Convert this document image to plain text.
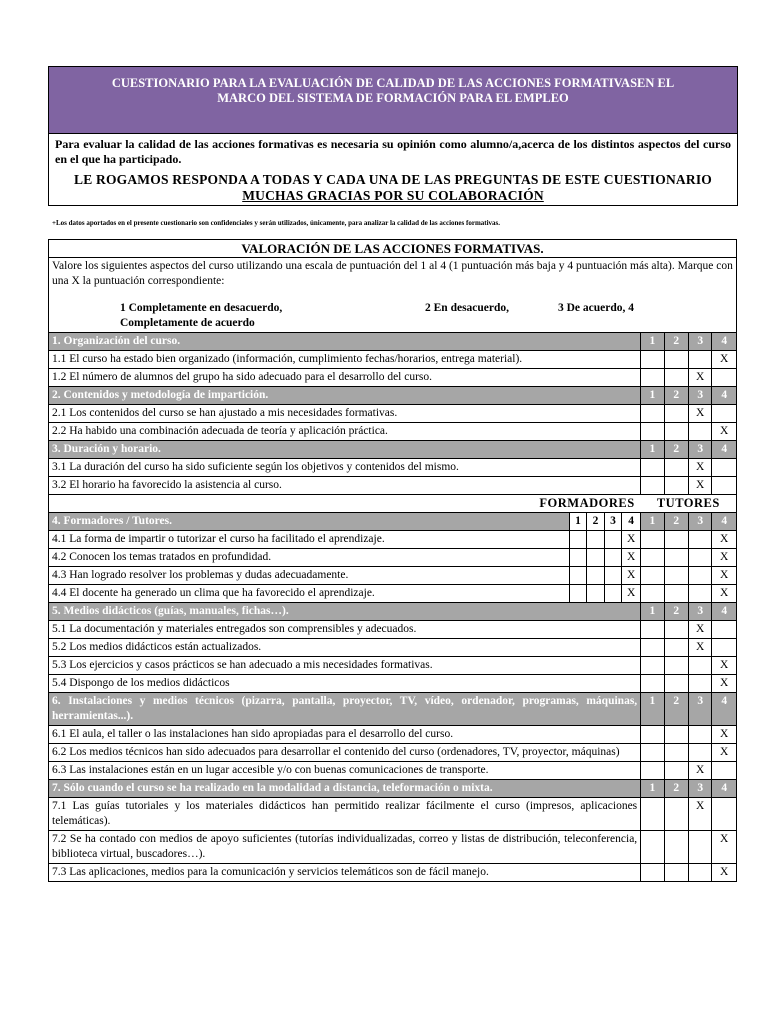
CUESTIONARIO PARA LA EVALUACIÓN DE CALIDAD DE LAS ACCIONES FORMATIVASEN EL
MARCO DEL SISTEMA DE FORMACIÓN PARA EL EMPLEO

Para evaluar la calidad de las acciones formativas es necesaria su opinión como alumno/a,acerca de los distintos aspectos del curso en el que ha participado.

LE ROGAMOS RESPONDA A TODAS Y CADA UNA DE LAS PREGUNTAS DE ESTE CUESTIONARIO

MUCHAS GRACIAS POR SU COLABORACIÓN

+Los datos aportados en el presente cuestionario son confidenciales y serán utilizados, únicamente, para analizar la calidad de las acciones formativas.
VALORACIÓN DE LAS ACCIONES FORMATIVAS.								

Valore los siguientes aspectos del curso utilizando una escala de puntuación del 1 al 4 (1 puntuación más baja y 4 puntuación más alta). Marque con una X la puntuación correspondiente:
1 Completamente en desacuerdo, 2 En desacuerdo, 3 De acuerdo, 4
Completamente de acuerdo								

1. Organización del curso.					1	2	3	4
1.1 El curso ha estado bien organizado (información, cumplimiento fechas/horarios, entrega material).								X
1.2 El número de alumnos del grupo ha sido adecuado para el desarrollo del curso.							X	
2. Contenidos y metodología de impartición.					1	2	3	4
2.1 Los contenidos del curso se han ajustado a mis necesidades formativas.							X	
2.2 Ha habido una combinación adecuada de teoría y aplicación práctica.								X
3. Duración y horario.					1	2	3	4
3.1 La duración del curso ha sido suficiente según los objetivos y contenidos del mismo.							X	
3.2 El horario ha favorecido la asistencia al curso.							X	
FORMADORES					TUTORES			
4. Formadores / Tutores.	1	2	3	4	1	2	3	4
4.1 La forma de impartir o tutorizar el curso ha facilitado el aprendizaje.				X				X
4.2 Conocen los temas tratados en profundidad.				X				X
4.3 Han logrado resolver los problemas y dudas adecuadamente.				X				X
4.4 El docente ha generado un clima que ha favorecido el aprendizaje.				X				X
5. Medios didácticos (guías, manuales, fichas…).					1	2	3	4
5.1 La documentación y materiales entregados son comprensibles y adecuados.							X	
5.2 Los medios didácticos están actualizados.							X	
5.3 Los ejercicios y casos prácticos se han adecuado a mis necesidades formativas.								X
5.4 Dispongo de los medios didácticos								X
6. Instalaciones y medios técnicos (pizarra, pantalla, proyector, TV, vídeo, ordenador, programas, máquinas, herramientas...).					1	2	3	4
6.1 El aula, el taller o las instalaciones han sido apropiadas para el desarrollo del curso.								X
6.2 Los medios técnicos han sido adecuados para desarrollar el contenido del curso (ordenadores, TV, proyector, máquinas)								X
6.3 Las instalaciones están en un lugar accesible y/o con buenas comunicaciones de transporte.							X	
7. Sólo cuando el curso se ha realizado en la modalidad a distancia, teleformación o mixta.					1	2	3	4
7.1 Las guías tutoriales y los materiales didácticos han permitido realizar fácilmente el curso (impresos, aplicaciones telemáticas).							X	
7.2 Se ha contado con medios de apoyo suficientes (tutorías individualizadas, correo y listas de distribución, teleconferencia, biblioteca virtual, buscadores…).								X
7.3 Las aplicaciones, medios para la comunicación y servicios telemáticos son de fácil manejo.								X
